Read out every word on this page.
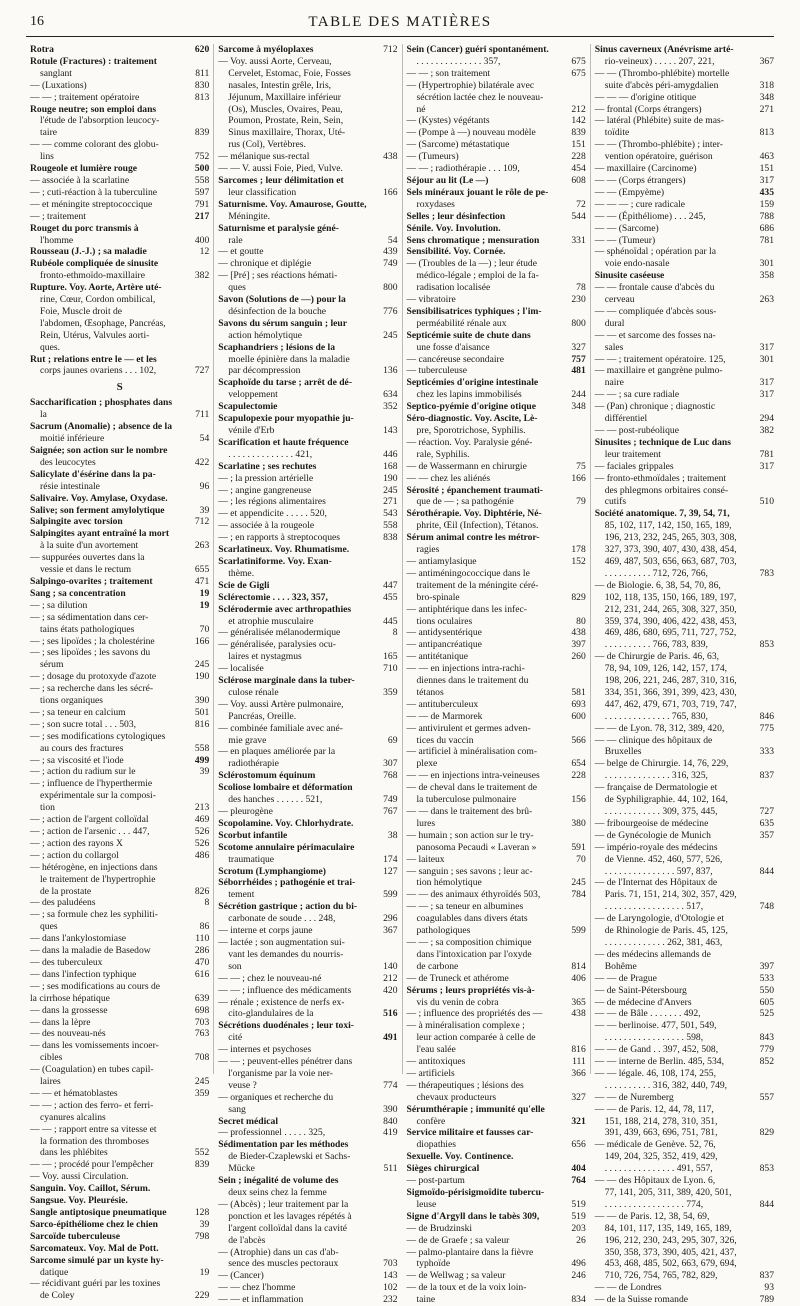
16	TABLE DES MATIÈRES
Rotra	620
Rotule (Fractures) : traitement
sanglant	811
— (Luxations)	830
— — ; traitement opératoire	813
Rouge neutre; son emploi dans
l'étude de l'absorption leucocy-
taire	839
— — comme colorant des globu-
lins	752
Rougeole et lumière rouge	500
— associée à la scarlatine	558
— ; cuti-réaction à la tuberculine	597
— et méningite streptococcique	791
— ; traitement	217
Rouget du porc transmis à
l'homme	400
Rousseau (J.-J.) ; sa maladie	12
Rubéole compliquée de sinusite
fronto-ethmoïdo-maxillaire	382
Rupture. Voy. Aorte, Artère uté-
rine, Cœur, Cordon ombilical,
Foie, Muscle droit de
l'abdomen, Œsophage, Pancréas,
Rein, Utérus, Valvules aorti-
ques.
Rut ; relations entre le — et les
corps jaunes ovariens . . . 102,	727
S
Saccharification ; phosphates dans
la	711
Sacrum (Anomalie) ; absence de la
moitié inférieure	54
Saignée; son action sur le nombre
des leucocytes	422
Salicylate d'ésérine dans la pa-
résie intestinale	96
Salivaire. Voy. Amylase, Oxydase.
Salive; son ferment amylolytique	39
Salpingite avec torsion	712
Salpingites ayant entraîné la mort
à la suite d'un avortement	263
— suppurées ouvertes dans la
vessie et dans le rectum	655
Salpingo-ovarites ; traitement	471
Sang ; sa concentration	19
— ; sa dilution	19
— ; sa sédimentation dans cer-
tains états pathologiques	70
— ; ses lipoïdes ; la cholestérine	166
— ; ses lipoïdes ; les savons du
sérum	245
— ; dosage du protoxyde d'azote	190
— ; sa recherche dans les sécré-
tions organiques	390
— ; sa teneur en calcium	501
— ; son sucre total . . . 503,	816
— ; ses modifications cytologiques
au cours des fractures	558
— ; sa viscosité et l'iode	499
— ; action du radium sur le	39
— ; influence de l'hyperthermie
expérimentale sur la composi-
tion	213
— ; action de l'argent colloïdal	469
— ; action de l'arsenic . . . 447,	526
— ; action des rayons X	526
— ; action du collargol	486
— hétérogène, en injections dans
le traitement de l'hypertrophie
de la prostate	826
— des paludéens	8
— ; sa formule chez les syphiliti-
ques	86
— dans l'ankylostomiase	110
— dans la maladie de Basedow	286
— des tuberculeux	470
— dans l'infection typhique	616
— ; ses modifications au cours de
la cirrhose hépatique	639
— dans la grossesse	698
— dans la lèpre	703
— des nouveau-nés	763
— dans les vomissements incoer-
cibles	708
— (Coagulation) en tubes capil-
laires	245
— — et hématoblastes	359
— — ; action des ferro- et ferri-
cyanures alcalins
— — ; rapport entre sa vitesse et
la formation des thromboses
dans les phlébites	552
— — ; procédé pour l'empêcher	839
— Voy. aussi Circulation.
Sanguin. Voy. Caillot, Sérum.
Sangsue. Voy. Pleurésie.
Sangle antiptosique pneumatique	128
Sarco-épithéliome chez le chien	39
Sarcoïde tuberculeuse	798
Sarcomateux. Voy. Mal de Pott.
Sarcome simulé par un kyste hy-
datique	19
— récidivant guéri par les toxines
de Coley	229
Sarcome à myéloplaxes	712
— Voy. aussi Aorte, Cerveau,
Cervelet, Estomac, Foie, Fosses
nasales, Intestin grêle, Iris,
Jéjunum, Maxillaire inférieur
(Os), Muscles, Ovaires, Peau,
Poumon, Prostate, Rein, Sein,
Sinus maxillaire, Thorax, Uté-
rus (Col), Vertèbres.
— mélanique sus-rectal	438
— — V. aussi Foie, Pied, Vulve.
Sarcomes ; leur délimitation et
leur classification	166
Saturnisme. Voy. Amaurose, Goutte,
Méningite.
Saturnisme et paralysie géné-
rale	54
— et goutte	439
— chronique et diplégie	749
— [Pré] ; ses réactions hémati-
ques	800
Savon (Solutions de —) pour la
désinfection de la bouche	776
Savons du sérum sanguin ; leur
action hémolytique	245
Scaphandriers ; lésions de la
moelle épinière dans la maladie
par décompression	136
Scaphoïde du tarse ; arrêt de dé-
veloppement	634
Scapulectomie	352
Scapulopexie pour myopathie ju-
vénile d'Erb	143
Scarification et haute fréquence
. . . . . . . . . . . . . . 421,	446
Scarlatine ; ses rechutes	168
— ; la pression artérielle	190
— ; angine gangreneuse	245
— ; les régions alimentaires	271
— et appendicite . . . . . 520,	543
— associée à la rougeole	558
— ; en rapports à streptocoques	838
Scarlatineux. Voy. Rhumatisme.
Scarlatiniforme. Voy. Exan-
thème.
Scie de Gigli	447
Sclérectomie . . . . 323, 357,	455
Sclérodermie avec arthropathies
et atrophie musculaire	445
— généralisée mélanodermique	8
— généralisée, paralysies ocu-
laires et nystagmus	165
— localisée	710
Sclérose marginale dans la tuber-
culose rénale	359
— Voy. aussi Artère pulmonaire,
Pancréas, Oreille.
— combinée familiale avec ané-
mie grave	69
— en plaques améliorée par la
radiothérapie	307
Sclérostomum équinum	768
Scoliose lombaire et déformation
des hanches . . . . . . 521,	749
— pleurogène	767
Scopolamine. Voy. Chlorhydrate.
Scorbut infantile	38
Scotome annulaire périmaculaire
traumatique	174
Scrotum (Lymphangiome)	127
Séborrhéides ; pathogénie et trai-
tement	599
Sécrétion gastrique ; action du bi-
carbonate de soude . . . 248,	296
— interne et corps jaune	367
— lactée ; son augmentation sui-
vant les demandes du nourris-
son	140
— — ; chez le nouveau-né	212
— — ; influence des médicaments	420
— rénale ; existence de nerfs ex-
cito-glandulaires de la	516
Sécrétions duodénales ; leur toxi-
cité	491
— internes et psychoses
— — ; peuvent-elles pénétrer dans
l'organisme par la voie ner-
veuse ?	774
— organiques et recherche du
sang	390
Secret médical	840
— professionnel . . . . . 325,	419
Sédimentation par les méthodes
de Bieder-Czaplewski et Sachs-
Mücke	511
Sein ; inégalité de volume des
deux seins chez la femme
— (Abcès) ; leur traitement par la
ponction et les lavages répétés à
l'argent colloïdal dans la cavité
de l'abcès
— (Atrophie) dans un cas d'ab-
sence des muscles pectoraux	703
— (Cancer)	143
— — chez l'homme	102
— — et inflammation	232
Sein (Cancer) guéri spontanément.
. . . . . . . . . . . . . . 357,	675
— — ; son traitement	675
— (Hypertrophie) bilatérale avec
sécrétion lactée chez le nouveau-
né	212
— (Kystes) végétants	142
— (Pompe à —) nouveau modèle	839
— (Sarcome) métastatique	151
— (Tumeurs)	228
— — ; radiothérapie . . . 109,	454
Séjour au lit (Le —)	608
Sels minéraux jouant le rôle de pe-
roxydases	72
Selles ; leur désinfection	544
Sénile. Voy. Involution.
Sens chromatique ; mensuration	331
Sensibilité. Voy. Cornée.
— (Troubles de la —) ; leur étude
médico-légale ; emploi de la fa-
radisation localisée	78
— vibratoire	230
Sensibilisatrices typhiques ; l'im-
perméabilité rénale aux	800
Septicémie suite de chute dans
une fosse d'aisance	327
— cancéreuse secondaire	757
— tuberculeuse	481
Septicémies d'origine intestinale
chez les lapins immobilisés	244
Septico-pyémie d'origine otique	348
Séro-diagnostic. Voy. Ascite, Lè-
pre, Sporotrichose, Syphilis.
— réaction. Voy. Paralysie géné-
rale, Syphilis.
— de Wassermann en chirurgie	75
— — chez les aliénés	166
Sérosité ; épanchement traumati-
que de — ; sa pathogénie	79
Sérothérapie. Voy. Diphtérie, Né-
phrite, Œil (Infection), Tétanos.
Sérum animal contre les métror-
ragies	178
— antiamylasique	152
— antiméningococcique dans le
traitement de la méningite céré-
bro-spinale	829
— antiphtérique dans les infec-
tions oculaires	80
— antidysentérique	438
— antipancréatique	397
— antitétanique	260
— — en injections intra-rachi-
diennes dans le traitement du
tétanos	581
— antituberculeux	693
— — de Marmorek	600
— antivirulent et germes adven-
tices du vaccin	566
— artificiel à minéralisation com-
plexe	654
— — en injections intra-veineuses	228
— de cheval dans le traitement de
la tuberculose pulmonaire	156
— — dans le traitement des brû-
lures	380
— humain ; son action sur le try-
panosoma Pecaudi « Laveran »	591
— laiteux	70
— sanguin ; ses savons ; leur ac-
tion hémolytique	245
— — des animaux éthyroïdés 503,	784
— — ; sa teneur en albumines
coagulables dans divers états
pathologiques	599
— — ; sa composition chimique
dans l'intoxication par l'oxyde
de carbone	814
— de Truneck et athérome	406
Sérums ; leurs propriétés vis-à-
vis du venin de cobra	365
— ; influence des propriétés des —	438
— à minéralisation complexe ;
leur action comparée à celle de
l'eau salée	816
— antitoxiques	111
— artificiels	366
— thérapeutiques ; lésions des
chevaux producteurs	327
Sérumthérapie ; immunité qu'elle
confère	321
Service militaire et fausses car-
diopathies	656
Sexuelle. Voy. Continence.
Sièges chirurgical	404
— post-partum	764
Sigmoïdo-périsigmoïdite tubercu-
leuse	519
Signe d'Argyll dans le tabès 309,	519
— de Brudzinski	203
— de de Graefe ; sa valeur	26
— palmo-plantaire dans la fièvre
typhoïde	496
— de Wellwag ; sa valeur	246
— de la toux et de la voix loin-
taine	834
Sinus caverneux (Anévrisme arté-
rio-veineux) . . . . . 207, 221,	367
— — (Thrombo-phlébite) mortelle
suite d'abcès péri-amygdalien	318
— — — d'origine otitique	348
— frontal (Corps étrangers)	271
— latéral (Phlébite) suite de mas-
toïdite	813
— — (Thrombo-phlébite) ; inter-
vention opératoire, guérison	463
— maxillaire (Carcinome)	151
— — (Corps étrangers)	317
— — (Empyème)	435
— — — ; cure radicale	159
— — (Épithéliome) . . . 245,	788
— — (Sarcome)	686
— — (Tumeur)	781
— sphénoïdal ; opération par la
voie endo-nasale	301
Sinusite caséeuse	358
— — frontale cause d'abcès du
cerveau	263
— — compliquée d'abcès sous-
dural
— — et sarcome des fosses na-
sales	317
— — ; traitement opératoire. 125,	301
— maxillaire et gangrène pulmo-
naire	317
— — ; sa cure radiale	317
— (Pan) chronique ; diagnostic
différentiel	294
— — post-rubéolique	382
Sinusites ; technique de Luc dans
leur traitement	781
— faciales grippales	317
— fronto-ethmoïdales ; traitement
des phlegmons orbitaires consé-
cutifs	510
Société anatomique. 7, 39, 54, 71,
85, 102, 117, 142, 150, 165, 189,
196, 213, 232, 245, 265, 303, 308,
327, 373, 390, 407, 430, 438, 454,
469, 487, 503, 656, 663, 687, 703,
. . . . . . . . . . 712, 726, 766,	783
— de Biologie. 6, 38, 54, 70, 86,
102, 118, 135, 150, 166, 189, 197,
212, 231, 244, 265, 308, 327, 350,
359, 374, 390, 406, 422, 438, 453,
469, 486, 680, 695, 711, 727, 752,
. . . . . . . . . . 766, 783, 839,	853
— de Chirurgie de Paris. 46, 63,
78, 94, 109, 126, 142, 157, 174,
198, 206, 221, 246, 287, 310, 316,
334, 351, 366, 391, 399, 423, 430,
447, 462, 479, 671, 703, 719, 747,
. . . . . . . . . . . . . . 765, 830,	846
— — de Lyon. 78, 312, 389, 420,	775
— — clinique des hôpitaux de
Bruxelles	333
— belge de Chirurgie. 14, 76, 229,
. . . . . . . . . . . . . . 316, 325,	837
— française de Dermatologie et
de Syphiligraphie. 44, 102, 164,
. . . . . . . . . . . . 309, 375, 445,	727
— fribourgeoise de médecine	635
— de Gynécologie de Munich	357
— império-royale des médecins
de Vienne. 452, 460, 577, 526,
. . . . . . . . . . . . . . . 597, 837,	844
— de l'Internat des Hôpitaux de
Paris. 71, 151, 214, 302, 357, 429,
. . . . . . . . . . . . . . . . . 517,	748
— de Laryngologie, d'Otologie et
de Rhinologie de Paris. 45, 125,
. . . . . . . . . . . . . 262, 381, 463,
— des médecins allemands de
Bohême	397
— — de Prague	533
— de Saint-Pétersbourg	550
— de médecine d'Anvers	605
— — de Bâle . . . . . . . 492,	525
— — berlinoise. 477, 501, 549,
. . . . . . . . . . . . . . . . . 598,	843
— — de Gand . . 397, 452, 508,	779
— — interne de Berlin. 485, 534,	852
— — légale. 46, 108, 174, 255,
. . . . . . . . . . 316, 382, 440, 749,
— — de Nuremberg	557
— — de Paris. 12, 44, 78, 117,
151, 188, 214, 278, 310, 351,
391, 439, 663, 696, 751, 781,	829
— médicale de Genève. 52, 76,
149, 204, 325, 352, 419, 429,
. . . . . . . . . . . . . . . 491, 557,	853
— — des Hôpitaux de Lyon. 6,
77, 141, 205, 311, 389, 420, 501,
. . . . . . . . . . . . . . . . . 774,	844
— — de Paris. 12, 38, 54, 69,
84, 101, 117, 135, 149, 165, 189,
196, 212, 230, 243, 295, 307, 326,
350, 358, 373, 390, 405, 421, 437,
453, 468, 485, 502, 663, 679, 694,
710, 726, 754, 765, 782, 829,	837
— — de Londres	93
— de la Suisse romande	789
